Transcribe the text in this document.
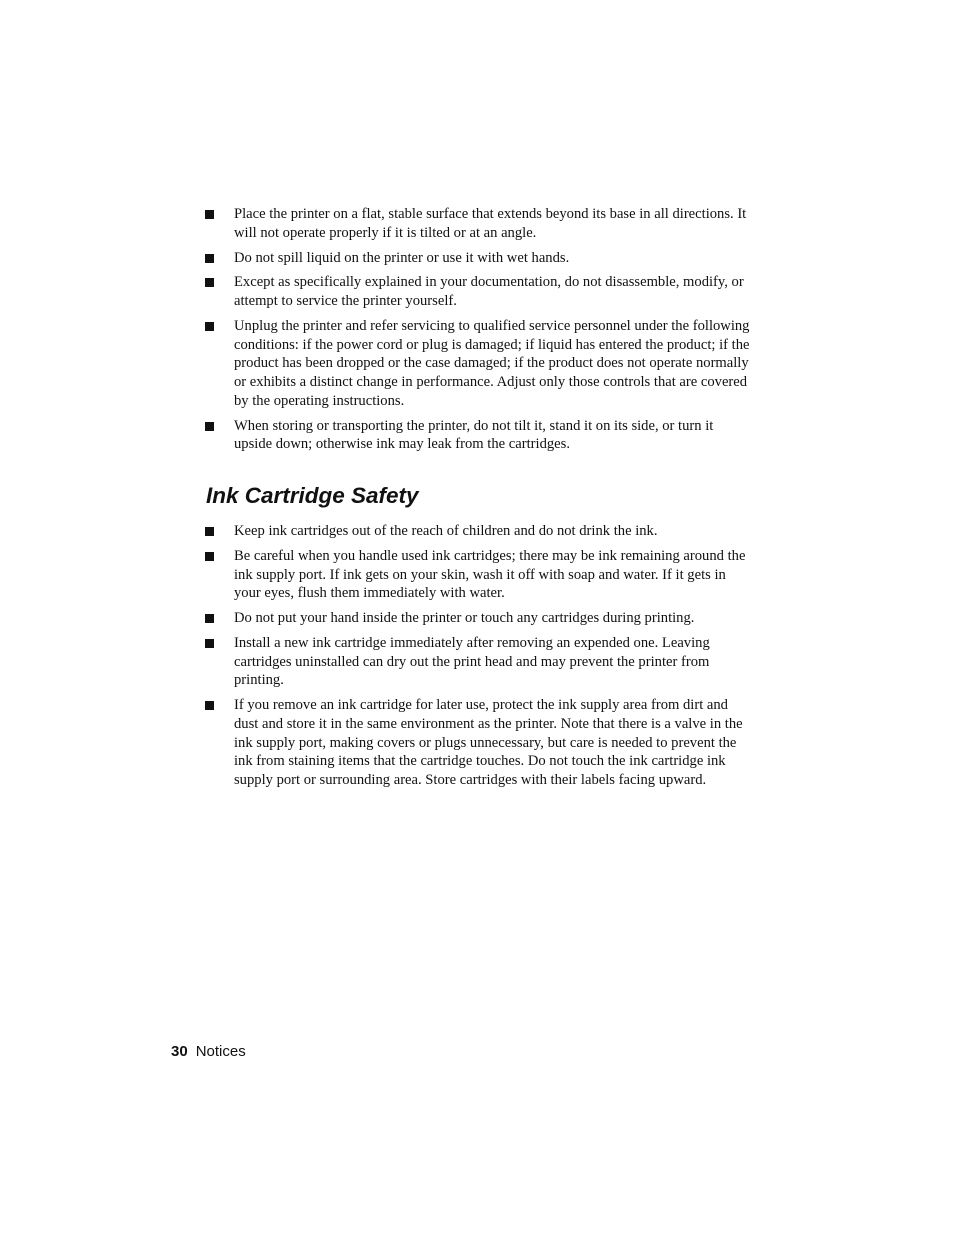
Place the printer on a flat, stable surface that extends beyond its base in all directions. It will not operate properly if it is tilted or at an angle.
Do not spill liquid on the printer or use it with wet hands.
Except as specifically explained in your documentation, do not disassemble, modify, or attempt to service the printer yourself.
Unplug the printer and refer servicing to qualified service personnel under the following conditions: if the power cord or plug is damaged; if liquid has entered the product; if the product has been dropped or the case damaged; if the product does not operate normally or exhibits a distinct change in performance. Adjust only those controls that are covered by the operating instructions.
When storing or transporting the printer, do not tilt it, stand it on its side, or turn it upside down; otherwise ink may leak from the cartridges.
Ink Cartridge Safety
Keep ink cartridges out of the reach of children and do not drink the ink.
Be careful when you handle used ink cartridges; there may be ink remaining around the ink supply port. If ink gets on your skin, wash it off with soap and water. If it gets in your eyes, flush them immediately with water.
Do not put your hand inside the printer or touch any cartridges during printing.
Install a new ink cartridge immediately after removing an expended one. Leaving cartridges uninstalled can dry out the print head and may prevent the printer from printing.
If you remove an ink cartridge for later use, protect the ink supply area from dirt and dust and store it in the same environment as the printer. Note that there is a valve in the ink supply port, making covers or plugs unnecessary, but care is needed to prevent the ink from staining items that the cartridge touches. Do not touch the ink cartridge ink supply port or surrounding area. Store cartridges with their labels facing upward.
30 Notices
